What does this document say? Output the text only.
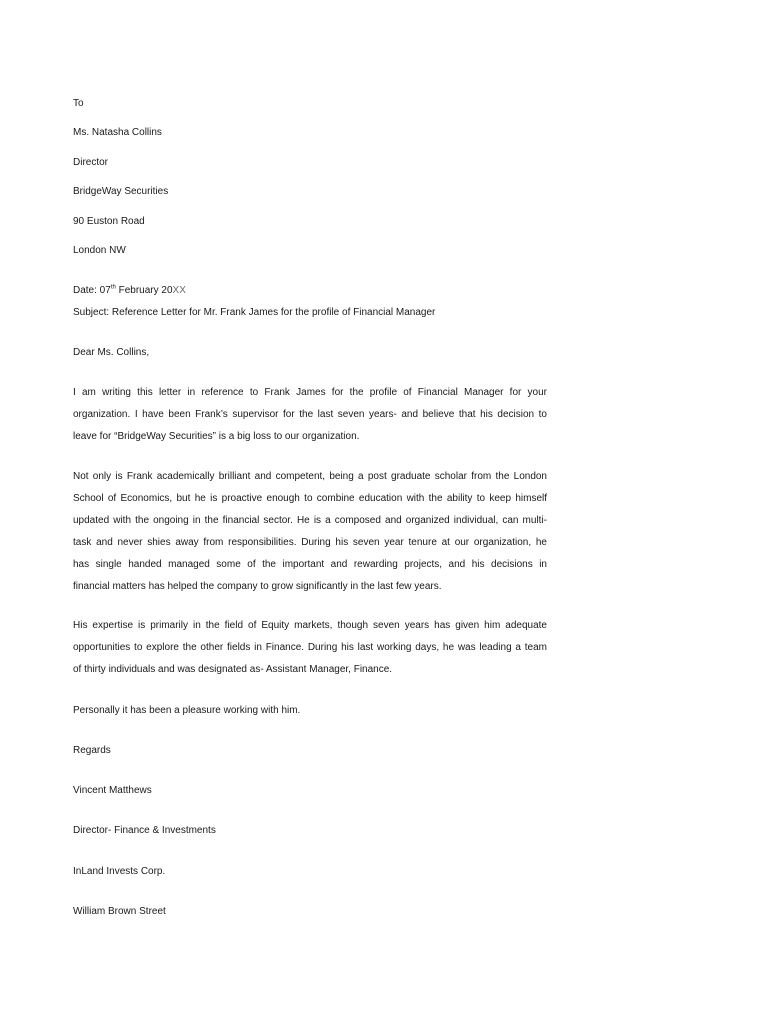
To
Ms. Natasha Collins
Director
BridgeWay Securities
90 Euston Road
London NW
Date: 07th February 20XX
Subject: Reference Letter for Mr. Frank James for the profile of Financial Manager
Dear Ms. Collins,
I am writing this letter in reference to Frank James for the profile of Financial Manager for your
organization. I have been Frank’s supervisor for the last seven years- and believe that his decision to
leave for “BridgeWay Securities” is a big loss to our organization.
Not only is Frank academically brilliant and competent, being a post graduate scholar from the London
School of Economics, but he is proactive enough to combine education with the ability to keep himself
updated with the ongoing in the financial sector. He is a composed and organized individual, can multi-
task and never shies away from responsibilities. During his seven year tenure at our organization, he
has single handed managed some of the important and rewarding projects, and his decisions in
financial matters has helped the company to grow significantly in the last few years.
His expertise is primarily in the field of Equity markets, though seven years has given him adequate
opportunities to explore the other fields in Finance. During his last working days, he was leading a team
of thirty individuals and was designated as- Assistant Manager, Finance.
Personally it has been a pleasure working with him.
Regards
Vincent Matthews
Director- Finance & Investments
InLand Invests Corp.
William Brown Street
